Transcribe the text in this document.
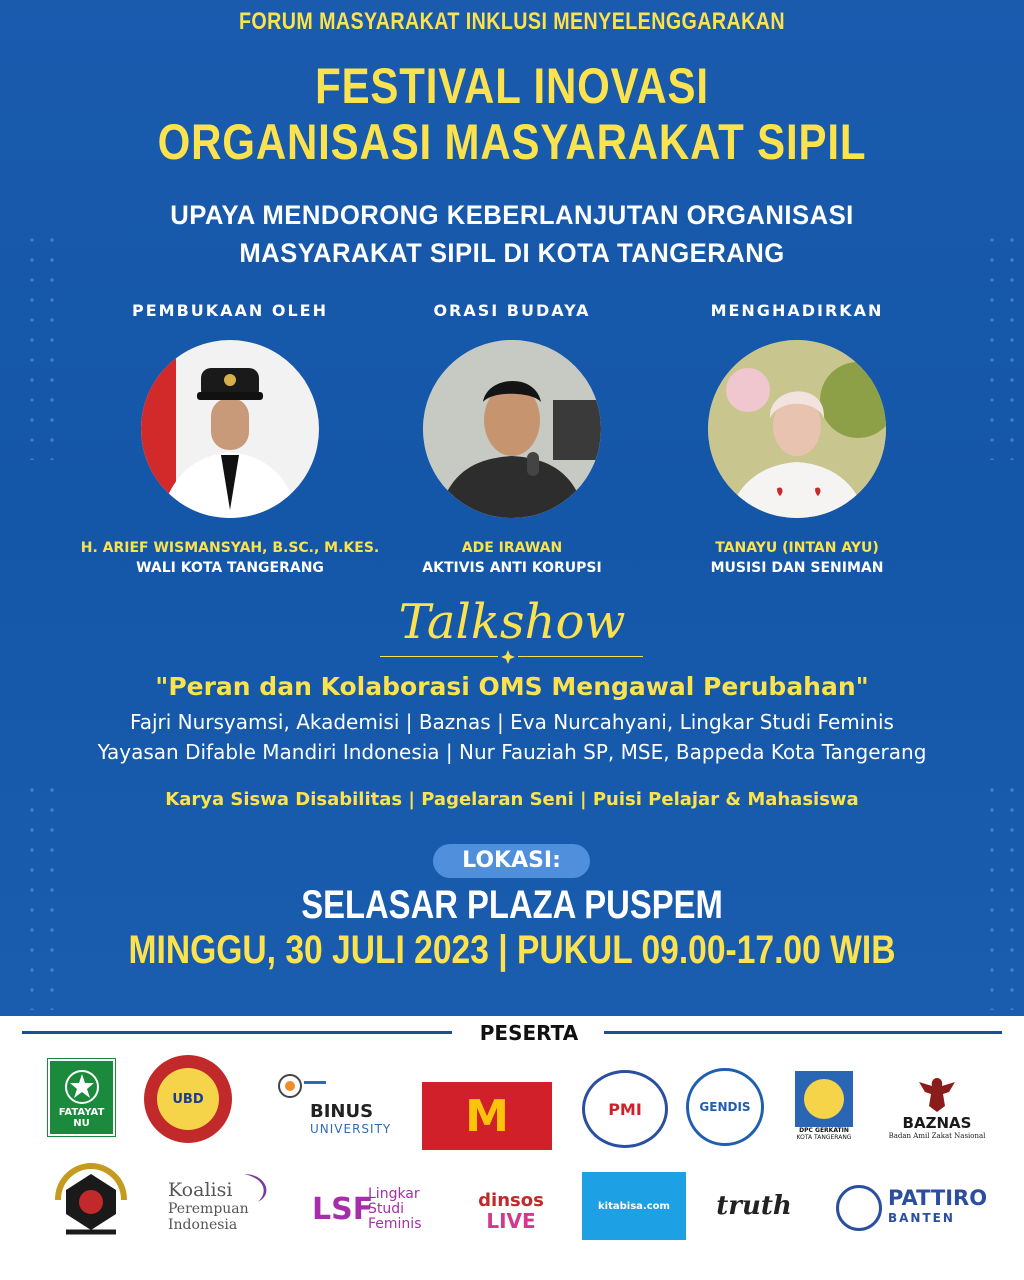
FORUM MASYARAKAT INKLUSI MENYELENGGARAKAN
FESTIVAL INOVASI
ORGANISASI MASYARAKAT SIPIL
UPAYA MENDORONG KEBERLANJUTAN ORGANISASI
MASYARAKAT SIPIL DI KOTA TANGERANG
PEMBUKAAN OLEH
H. ARIEF WISMANSYAH, B.SC., M.KES.
WALI KOTA TANGERANG
ORASI BUDAYA
ADE IRAWAN
AKTIVIS ANTI KORUPSI
MENGHADIRKAN
TANAYU (INTAN AYU)
MUSISI DAN SENIMAN
Talkshow
"Peran dan Kolaborasi OMS Mengawal Perubahan"
Fajri Nursyamsi, Akademisi | Baznas | Eva Nurcahyani, Lingkar Studi Feminis
Yayasan Difable Mandiri Indonesia | Nur Fauziah SP, MSE, Bappeda Kota Tangerang
Karya Siswa Disabilitas | Pagelaran Seni | Puisi Pelajar & Mahasiswa
LOKASI:
SELASAR PLAZA PUSPEM
MINGGU, 30 JULI 2023 | PUKUL 09.00-17.00 WIB
PESERTA
FATAYAT NU
UBD
BINUS
UNIVERSITY M	PMI	GENDIS
DPC GERKATIN
KOTA TANGERANG
BAZNAS
Badan Amil Zakat Nasional
Koalisi
Perempuan
Indonesia LSF
Lingkar
Studi
Feminis
dinsos
LIVE
kitabisa.com truth	PATTIRO
BANTEN
